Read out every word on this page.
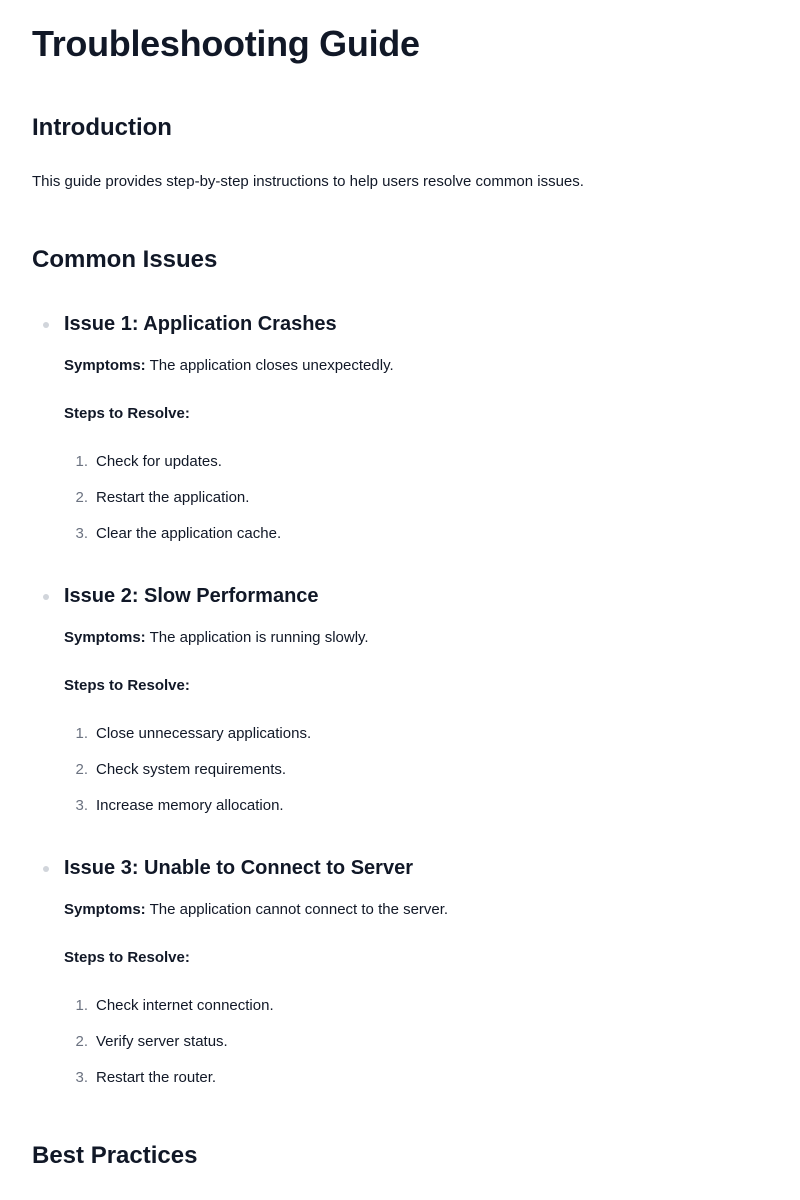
Troubleshooting Guide
Introduction
This guide provides step-by-step instructions to help users resolve common issues.
Common Issues
Issue 1: Application Crashes
Symptoms: The application closes unexpectedly.
Steps to Resolve:
1. Check for updates.
2. Restart the application.
3. Clear the application cache.
Issue 2: Slow Performance
Symptoms: The application is running slowly.
Steps to Resolve:
1. Close unnecessary applications.
2. Check system requirements.
3. Increase memory allocation.
Issue 3: Unable to Connect to Server
Symptoms: The application cannot connect to the server.
Steps to Resolve:
1. Check internet connection.
2. Verify server status.
3. Restart the router.
Best Practices
